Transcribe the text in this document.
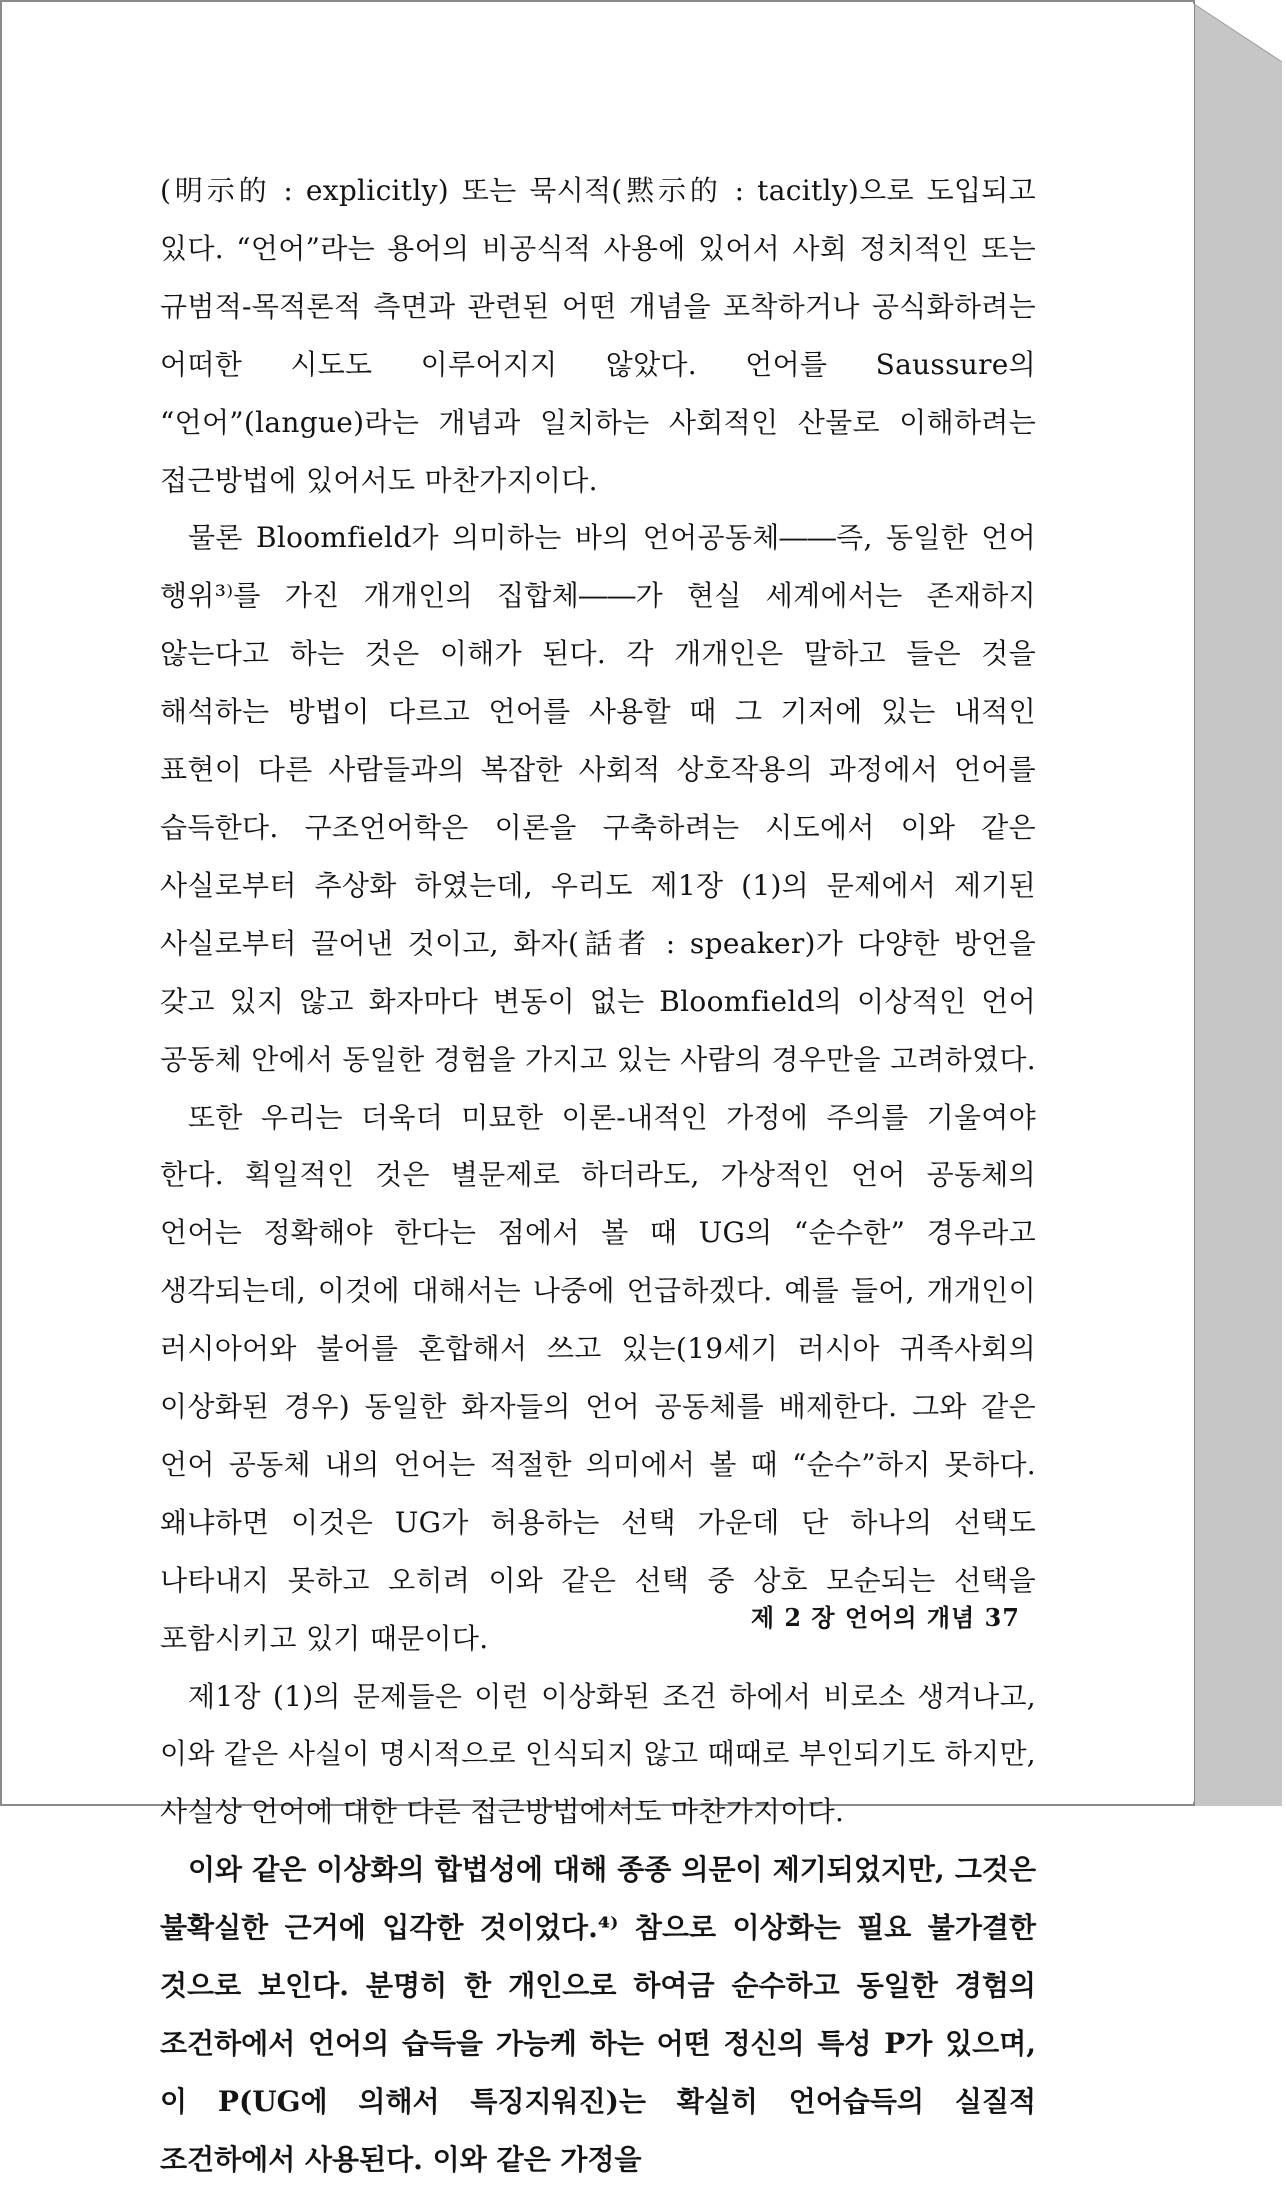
(明示的 : explicitly) 또는 묵시적(黙示的 : tacitly)으로 도입되고 있다. “언어”라는 용어의 비공식적 사용에 있어서 사회 정치적인 또는 규범적-목적론적 측면과 관련된 어떤 개념을 포착하거나 공식화하려는 어떠한 시도도 이루어지지 않았다. 언어를 Saussure의 “언어”(langue)라는 개념과 일치하는 사회적인 산물로 이해하려는 접근방법에 있어서도 마찬가지이다.

물론 Bloomfield가 의미하는 바의 언어공동체――즉, 동일한 언어 행위³⁾를 가진 개개인의 집합체――가 현실 세계에서는 존재하지 않는다고 하는 것은 이해가 된다. 각 개개인은 말하고 들은 것을 해석하는 방법이 다르고 언어를 사용할 때 그 기저에 있는 내적인 표현이 다른 사람들과의 복잡한 사회적 상호작용의 과정에서 언어를 습득한다. 구조언어학은 이론을 구축하려는 시도에서 이와 같은 사실로부터 추상화 하였는데, 우리도 제1장 (1)의 문제에서 제기된 사실로부터 끌어낸 것이고, 화자(話者 : speaker)가 다양한 방언을 갖고 있지 않고 화자마다 변동이 없는 Bloomfield의 이상적인 언어 공동체 안에서 동일한 경험을 가지고 있는 사람의 경우만을 고려하였다.

또한 우리는 더욱더 미묘한 이론-내적인 가정에 주의를 기울여야 한다. 획일적인 것은 별문제로 하더라도, 가상적인 언어 공동체의 언어는 정확해야 한다는 점에서 볼 때 UG의 “순수한” 경우라고 생각되는데, 이것에 대해서는 나중에 언급하겠다. 예를 들어, 개개인이 러시아어와 불어를 혼합해서 쓰고 있는(19세기 러시아 귀족사회의 이상화된 경우) 동일한 화자들의 언어 공동체를 배제한다. 그와 같은 언어 공동체 내의 언어는 적절한 의미에서 볼 때 “순수”하지 못하다. 왜냐하면 이것은 UG가 허용하는 선택 가운데 단 하나의 선택도 나타내지 못하고 오히려 이와 같은 선택 중 상호 모순되는 선택을 포함시키고 있기 때문이다.

제1장 (1)의 문제들은 이런 이상화된 조건 하에서 비로소 생겨나고, 이와 같은 사실이 명시적으로 인식되지 않고 때때로 부인되기도 하지만, 사실상 언어에 대한 다른 접근방법에서도 마찬가지이다.

이와 같은 이상화의 합법성에 대해 종종 의문이 제기되었지만, 그것은 불확실한 근거에 입각한 것이었다.⁴⁾ 참으로 이상화는 필요 불가결한 것으로 보인다. 분명히 한 개인으로 하여금 순수하고 동일한 경험의 조건하에서 언어의 습득을 가능케 하는 어떤 정신의 특성 P가 있으며, 이 P(UG에 의해서 특징지워진)는 확실히 언어습득의 실질적 조건하에서 사용된다. 이와 같은 가정을

제 2 장 언어의 개념 37
